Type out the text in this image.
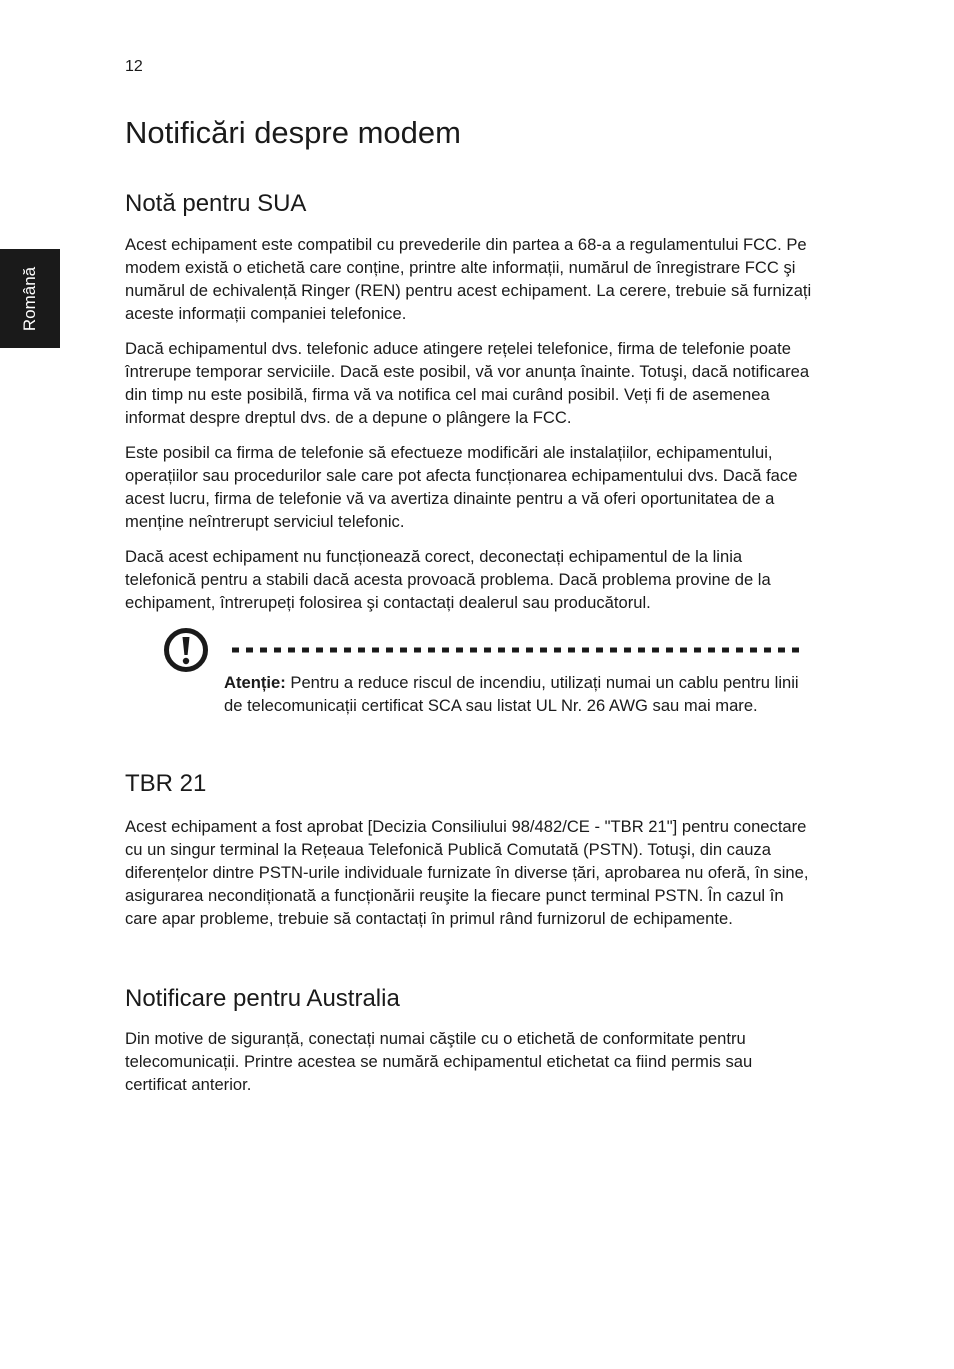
12
Română
Notificări despre modem
Notă pentru SUA

Acest echipament este compatibil cu prevederile din partea a 68-a a regulamentului FCC. Pe modem există o etichetă care conține, printre alte informații, numărul de înregistrare FCC şi numărul de echivalență Ringer (REN) pentru acest echipament. La cerere, trebuie să furnizați aceste informații companiei telefonice.

Dacă echipamentul dvs. telefonic aduce atingere rețelei telefonice, firma de telefonie poate întrerupe temporar serviciile. Dacă este posibil, vă vor anunța înainte. Totuşi, dacă notificarea din timp nu este posibilă, firma vă va notifica cel mai curând posibil. Veți fi de asemenea informat despre dreptul dvs. de a depune o plângere la FCC.

Este posibil ca firma de telefonie să efectueze modificări ale instalațiilor, echipamentului, operațiilor sau procedurilor sale care pot afecta funcționarea echipamentului dvs. Dacă face acest lucru, firma de telefonie vă va avertiza dinainte pentru a vă oferi oportunitatea de a menține neîntrerupt serviciul telefonic.

Dacă acest echipament nu funcționează corect, deconectați echipamentul de la linia telefonică pentru a stabili dacă acesta provoacă problema. Dacă problema provine de la echipament, întrerupeți folosirea şi contactați dealerul sau producătorul.

Atenție: Pentru a reduce riscul de incendiu, utilizați numai un cablu pentru linii de telecomunicații certificat SCA sau listat UL Nr. 26 AWG sau mai mare.

TBR 21

Acest echipament a fost aprobat [Decizia Consiliului 98/482/CE - "TBR 21"] pentru conectare cu un singur terminal la Rețeaua Telefonică Publică Comutată (PSTN). Totuşi, din cauza diferențelor dintre PSTN-urile individuale furnizate în diverse țări, aprobarea nu oferă, în sine, asigurarea necondiționată a funcționării reuşite la fiecare punct terminal PSTN. În cazul în care apar probleme, trebuie să contactați în primul rând furnizorul de echipamente.

Notificare pentru Australia

Din motive de siguranță, conectați numai căştile cu o etichetă de conformitate pentru telecomunicații. Printre acestea se numără echipamentul etichetat ca fiind permis sau certificat anterior.
